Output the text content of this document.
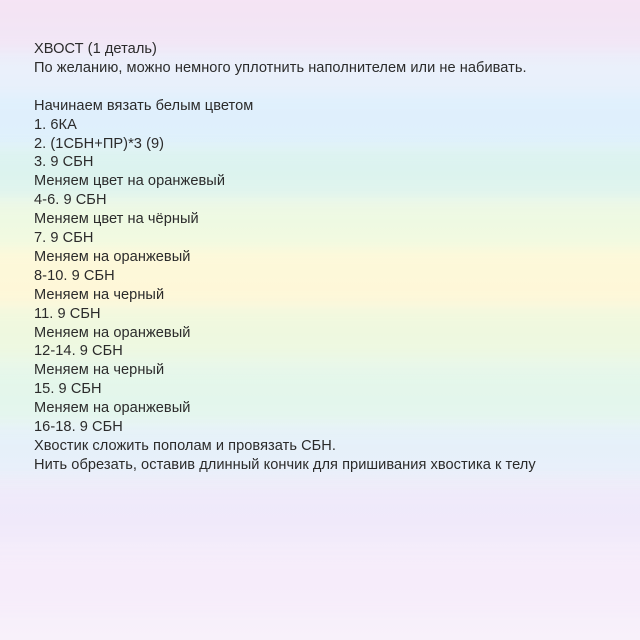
ХВОСТ (1 деталь)
По желанию, можно немного уплотнить наполнителем или не набивать.
Начинаем вязать белым цветом
1. 6КА
2. (1СБН+ПР)*3 (9)
3. 9 СБН
Меняем цвет на оранжевый
4-6. 9 СБН
Меняем цвет на чёрный
7. 9 СБН
Меняем на оранжевый
8-10. 9 СБН
Меняем на черный
11. 9 СБН
Меняем на оранжевый
12-14. 9 СБН
Меняем на черный
15. 9 СБН
Меняем на оранжевый
16-18. 9 СБН
Хвостик сложить пополам и провязать СБН.
Нить обрезать, оставив длинный кончик для пришивания хвостика к телу
